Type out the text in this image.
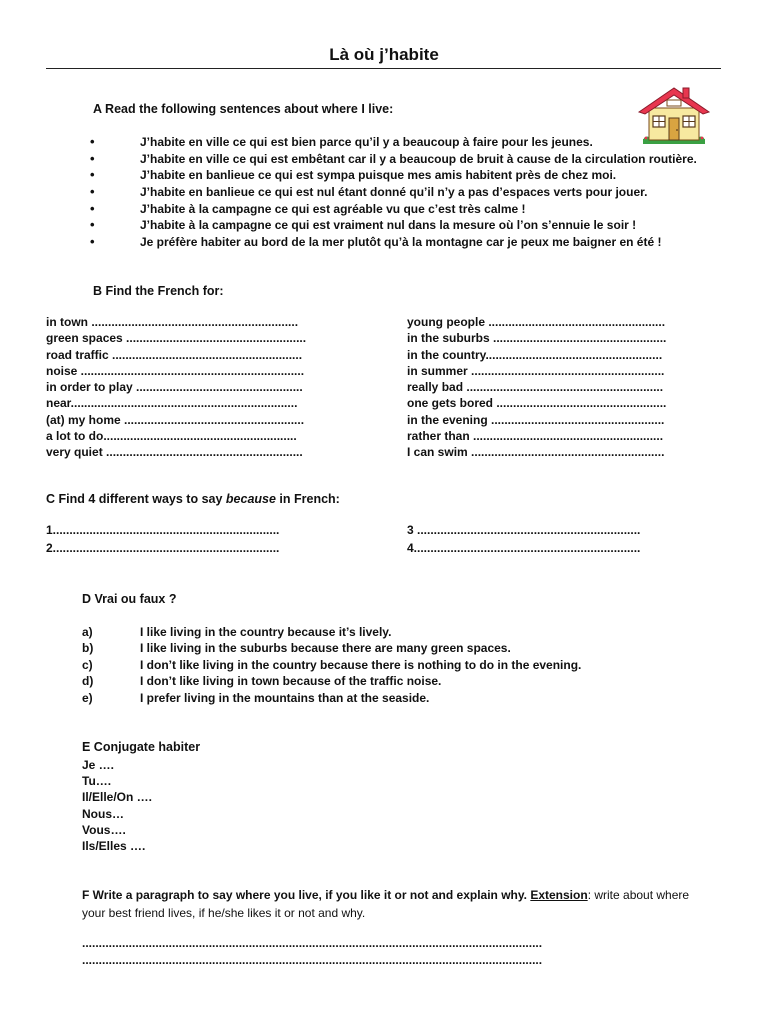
Là où j’habite
A Read the following sentences about where I live:
• J’habite en ville ce qui est bien parce qu’il y a beaucoup à faire pour les jeunes.
• J’habite en ville ce qui est embêtant car il y a beaucoup de bruit à cause de la circulation routière.
• J’habite en banlieue ce qui est sympa puisque mes amis habitent près de chez moi.
• J’habite en banlieue ce qui est nul étant donné qu’il n’y a pas d’espaces verts pour jouer.
• J’habite à la campagne ce qui est agréable vu que c’est très calme !
• J’habite à la campagne ce qui est vraiment nul dans la mesure où l’on s’ennuie le soir !
• Je préfère habiter au bord de la mer plutôt qu’à la montagne car je peux me baigner en été !
B Find the French for:
in town ..............................................................
green spaces ......................................................
road traffic .........................................................
noise ...................................................................
in order to play ..................................................
near....................................................................
(at) my home ......................................................
a lot to do..........................................................
very quiet ...........................................................
young people .....................................................
in the suburbs ....................................................
in the country.....................................................
in summer ..........................................................
really bad ...........................................................
one gets bored ...................................................
in the evening ....................................................
rather than .........................................................
I can swim ..........................................................
C Find 4 different ways to say because in French:
1....................................................................
2....................................................................
3 ...................................................................
4....................................................................
D Vrai ou faux ?
a)	I like living in the country because it’s lively.
b)	I like living in the suburbs because there are many green spaces.
c)	I don’t like living in the country because there is nothing to do in the evening.
d)	I don’t like living in town because of the traffic noise.
e)	I prefer living in the mountains than at the seaside.
E Conjugate habiter
Je ….
Tu….
Il/Elle/On ….
Nous…
Vous….
Ils/Elles ….
F Write a paragraph to say where you live, if you like it or not and explain why. Extension: write about where
your best friend lives, if he/she likes it or not and why.
..........................................................................................................................................
..........................................................................................................................................
